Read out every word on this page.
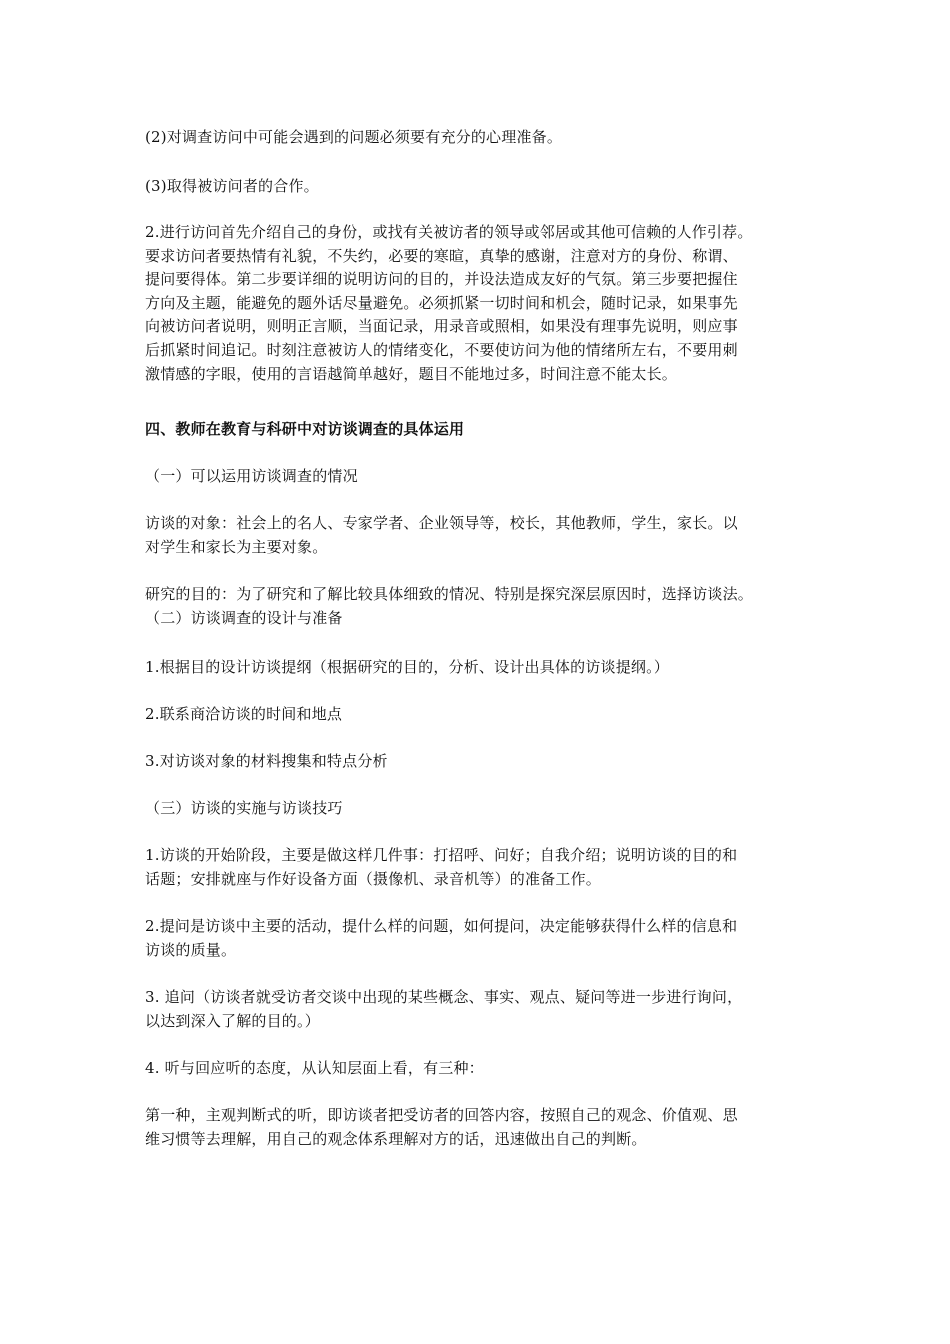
(2)对调查访问中可能会遇到的问题必须要有充分的心理准备。

(3)取得被访问者的合作。

2.进行访问首先介绍自己的身份，或找有关被访者的领导或邻居或其他可信赖的人作引荐。
要求访问者要热情有礼貌，不失约，必要的寒暄，真挚的感谢，注意对方的身份、称谓、
提问要得体。第二步要详细的说明访问的目的，并设法造成友好的气氛。第三步要把握住
方向及主题，能避免的题外话尽量避免。必须抓紧一切时间和机会，随时记录，如果事先
向被访问者说明，则明正言顺，当面记录，用录音或照相，如果没有理事先说明，则应事
后抓紧时间追记。时刻注意被访人的情绪变化，不要使访问为他的情绪所左右，不要用刺
激情感的字眼，使用的言语越简单越好，题目不能地过多，时间注意不能太长。

四、教师在教育与科研中对访谈调查的具体运用

（一）可以运用访谈调查的情况

访谈的对象：社会上的名人、专家学者、企业领导等，校长，其他教师，学生，家长。以
对学生和家长为主要对象。

研究的目的：为了研究和了解比较具体细致的情况、特别是探究深层原因时，选择访谈法。
（二）访谈调查的设计与准备

1.根据目的设计访谈提纲（根据研究的目的，分析、设计出具体的访谈提纲。）

2.联系商洽访谈的时间和地点

3.对访谈对象的材料搜集和特点分析

（三）访谈的实施与访谈技巧

1.访谈的开始阶段，主要是做这样几件事：打招呼、问好；自我介绍；说明访谈的目的和
话题；安排就座与作好设备方面（摄像机、录音机等）的准备工作。

2.提问是访谈中主要的活动，提什么样的问题，如何提问，决定能够获得什么样的信息和
访谈的质量。

3. 追问（访谈者就受访者交谈中出现的某些概念、事实、观点、疑问等进一步进行询问，
以达到深入了解的目的。）

4. 听与回应听的态度，从认知层面上看，有三种：

第一种，主观判断式的听，即访谈者把受访者的回答内容，按照自己的观念、价值观、思
维习惯等去理解，用自己的观念体系理解对方的话，迅速做出自己的判断。
